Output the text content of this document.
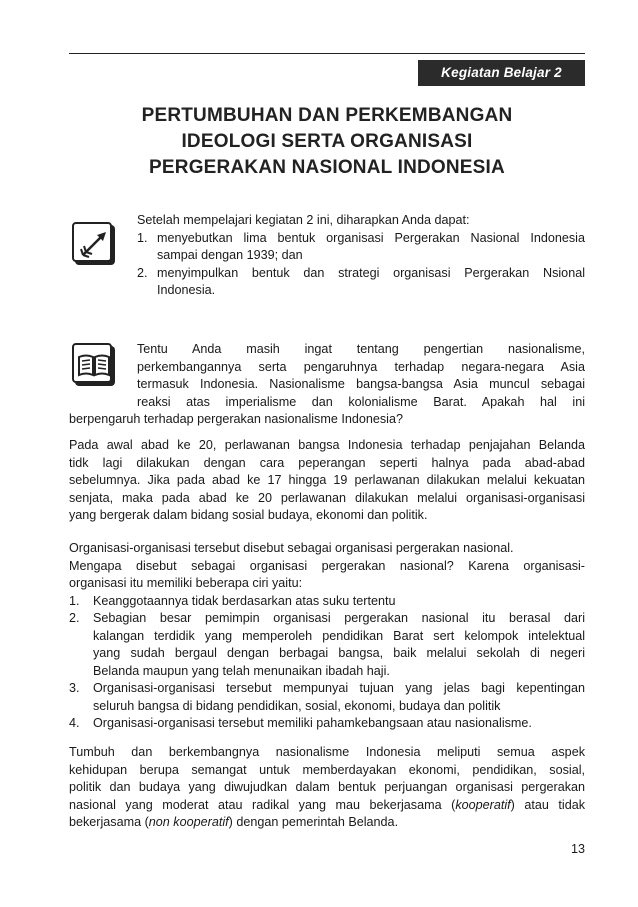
Kegiatan Belajar 2
PERTUMBUHAN DAN PERKEMBANGAN
IDEOLOGI SERTA ORGANISASI
PERGERAKAN NASIONAL INDONESIA
Setelah mempelajari kegiatan 2 ini, diharapkan Anda dapat:
1. menyebutkan lima bentuk organisasi Pergerakan Nasional Indonesia
sampai dengan 1939; dan
2. menyimpulkan bentuk dan strategi organisasi Pergerakan Nsional
Indonesia.
Tentu Anda masih ingat tentang pengertian nasionalisme,
perkembangannya serta pengaruhnya terhadap negara-negara Asia
termasuk Indonesia. Nasionalisme bangsa-bangsa Asia muncul sebagai
reaksi atas imperialisme dan kolonialisme Barat. Apakah hal ini
berpengaruh terhadap pergerakan nasionalisme Indonesia?
Pada awal abad ke 20, perlawanan bangsa Indonesia terhadap penjajahan Belanda
tidk lagi dilakukan dengan cara peperangan seperti halnya pada abad-abad
sebelumnya. Jika pada abad ke 17 hingga 19 perlawanan dilakukan melalui kekuatan
senjata, maka pada abad ke 20 perlawanan dilakukan melalui organisasi-organisasi
yang bergerak dalam bidang sosial budaya, ekonomi dan politik.
Organisasi-organisasi tersebut disebut sebagai organisasi pergerakan nasional.
Mengapa disebut sebagai organisasi pergerakan nasional? Karena organisasi-
organisasi itu memiliki beberapa ciri yaitu:
1. Keanggotaannya tidak berdasarkan atas suku tertentu
2. Sebagian besar pemimpin organisasi pergerakan nasional itu berasal dari
kalangan terdidik yang memperoleh pendidikan Barat sert kelompok intelektual
yang sudah bergaul dengan berbagai bangsa, baik melalui sekolah di negeri
Belanda maupun yang telah menunaikan ibadah haji.
3. Organisasi-organisasi tersebut mempunyai tujuan yang jelas bagi kepentingan
seluruh bangsa di bidang pendidikan, sosial, ekonomi, budaya dan politik
4. Organisasi-organisasi tersebut memiliki pahamkebangsaan atau nasionalisme.
Tumbuh dan berkembangnya nasionalisme Indonesia meliputi semua aspek
kehidupan berupa semangat untuk memberdayakan ekonomi, pendidikan, sosial,
politik dan budaya yang diwujudkan dalam bentuk perjuangan organisasi pergerakan
nasional yang moderat atau radikal yang mau bekerjasama (kooperatif) atau tidak
bekerjasama (non kooperatif) dengan pemerintah Belanda.
13
